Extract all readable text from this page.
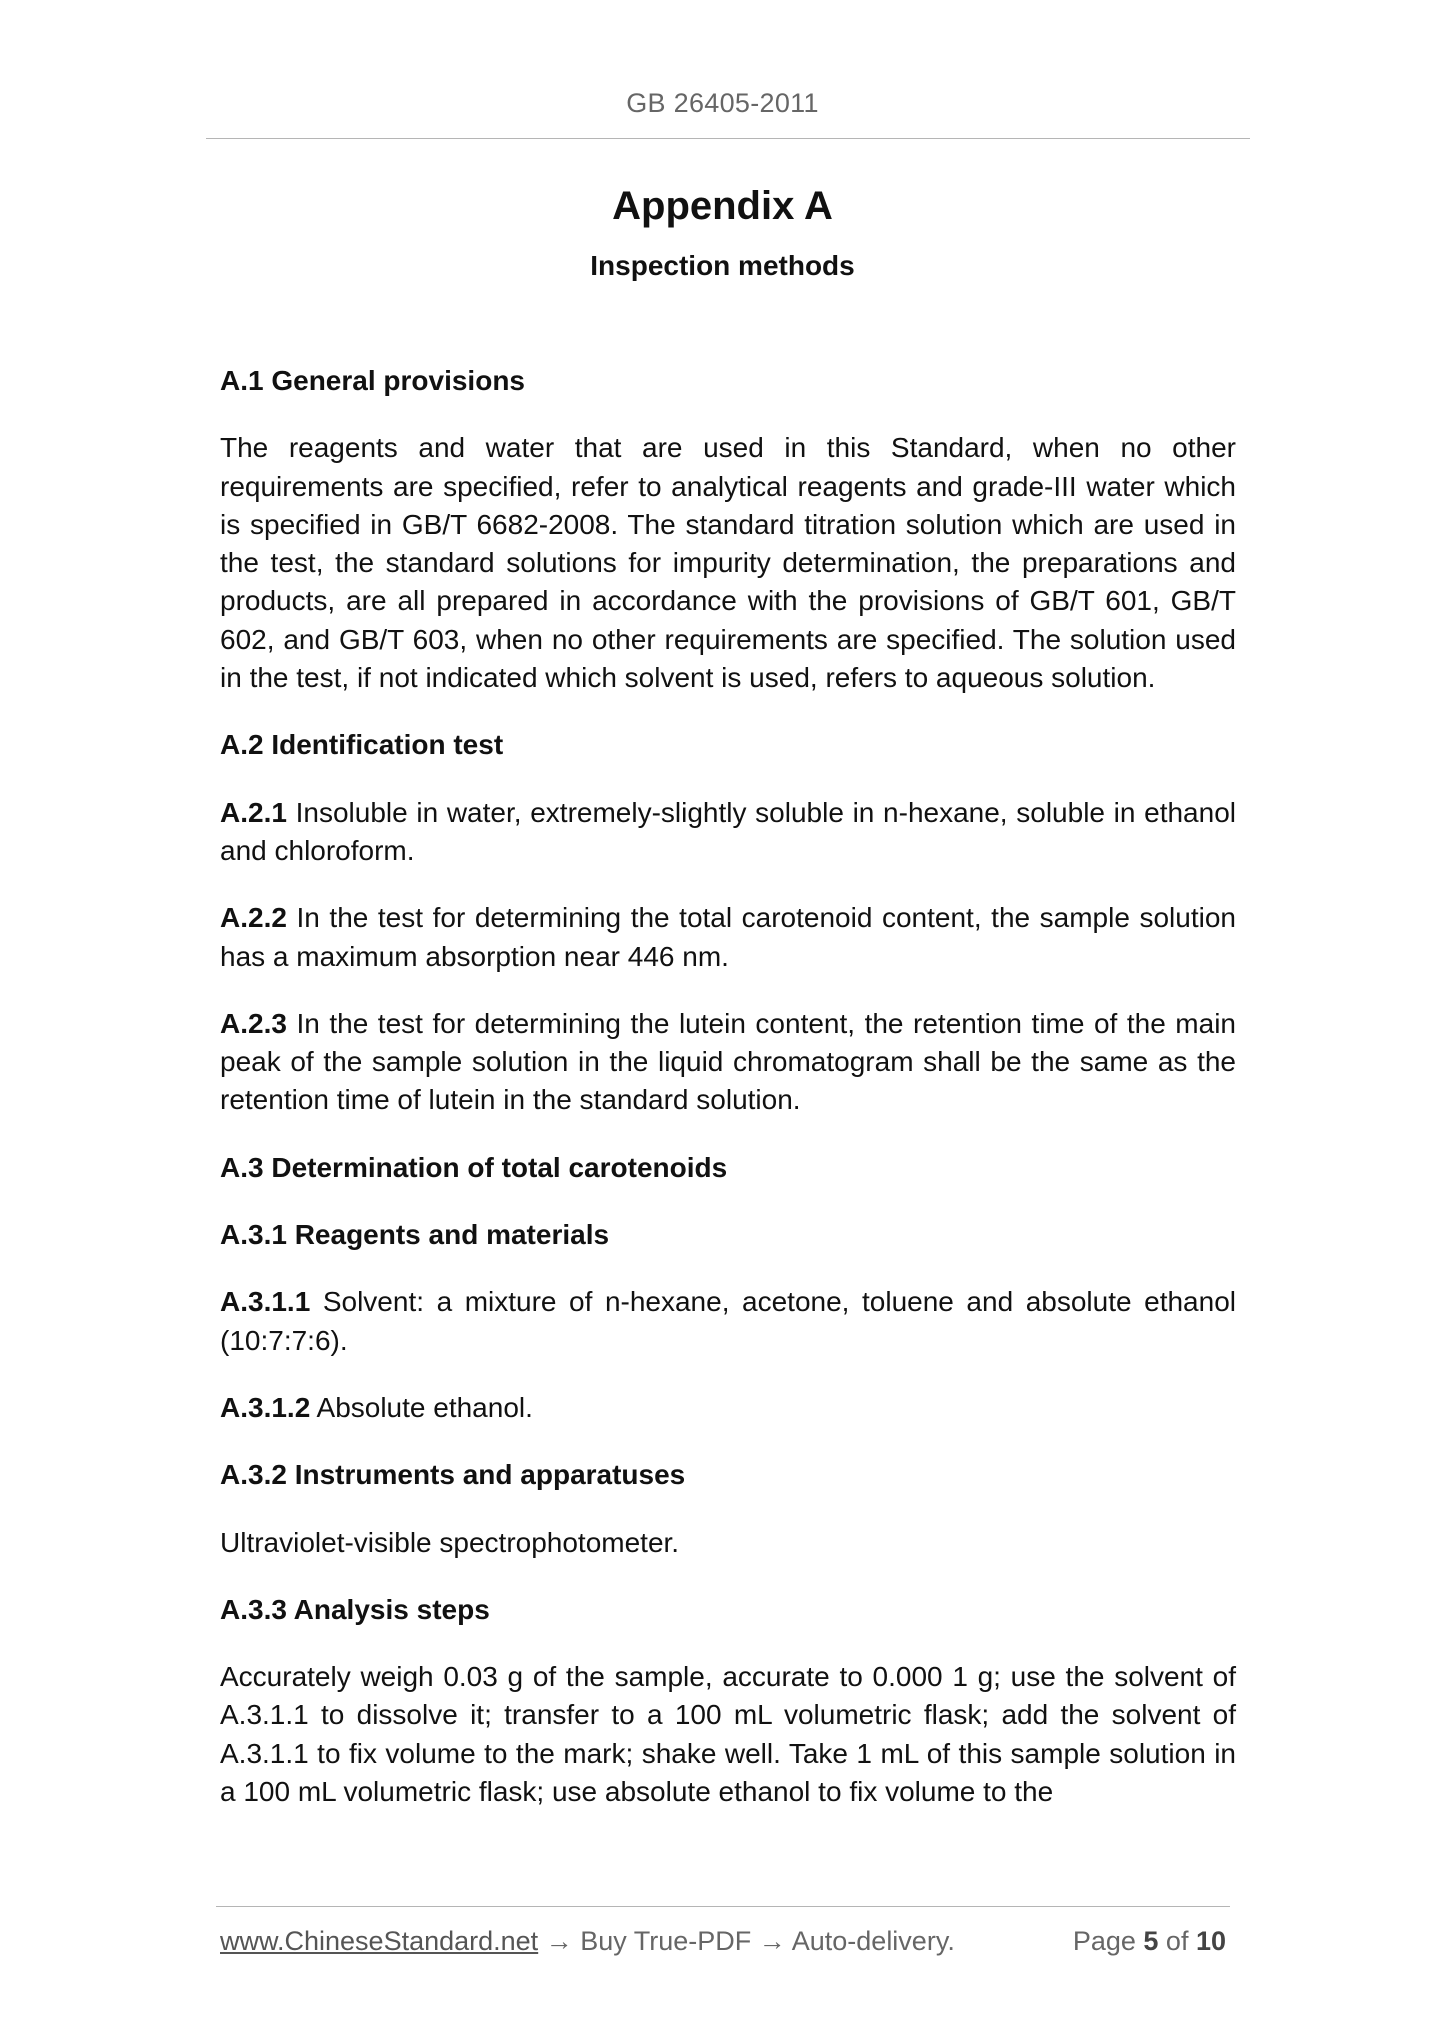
GB 26405-2011
Appendix A
Inspection methods
A.1 General provisions

The reagents and water that are used in this Standard, when no other requirements are specified, refer to analytical reagents and grade-III water which is specified in GB/T 6682-2008. The standard titration solution which are used in the test, the standard solutions for impurity determination, the preparations and products, are all prepared in accordance with the provisions of GB/T 601, GB/T 602, and GB/T 603, when no other requirements are specified. The solution used in the test, if not indicated which solvent is used, refers to aqueous solution.

A.2 Identification test

A.2.1 Insoluble in water, extremely-slightly soluble in n-hexane, soluble in ethanol and chloroform.

A.2.2 In the test for determining the total carotenoid content, the sample solution has a maximum absorption near 446 nm.

A.2.3 In the test for determining the lutein content, the retention time of the main peak of the sample solution in the liquid chromatogram shall be the same as the retention time of lutein in the standard solution.

A.3 Determination of total carotenoids
A.3.1 Reagents and materials

A.3.1.1 Solvent: a mixture of n-hexane, acetone, toluene and absolute ethanol (10:7:7:6).

A.3.1.2 Absolute ethanol.

A.3.2 Instruments and apparatuses

Ultraviolet-visible spectrophotometer.

A.3.3 Analysis steps

Accurately weigh 0.03 g of the sample, accurate to 0.000 1 g; use the solvent of A.3.1.1 to dissolve it; transfer to a 100 mL volumetric flask; add the solvent of A.3.1.1 to fix volume to the mark; shake well. Take 1 mL of this sample solution in a 100 mL volumetric flask; use absolute ethanol to fix volume to the

www.ChineseStandard.net → Buy True-PDF → Auto-delivery.	Page 5 of 10
